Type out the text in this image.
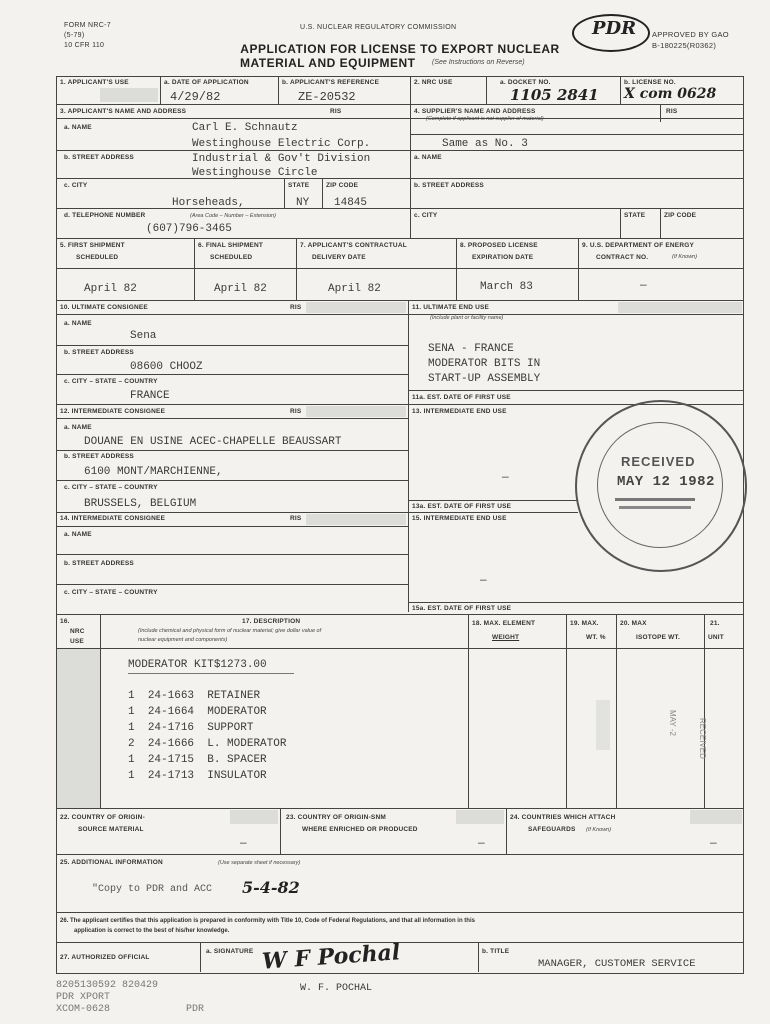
FORM NRC-7
(5-79)
10 CFR 110
U.S. NUCLEAR REGULATORY COMMISSION
APPLICATION FOR LICENSE TO EXPORT NUCLEAR
MATERIAL AND EQUIPMENT	(See Instructions on Reverse)
PDR APPROVED BY GAO
B-180225(R0362)
1. APPLICANT'S USE	a. DATE OF APPLICATION
4/29/82
b. APPLICANT'S REFERENCE
ZE-20532
2. NRC USE	a. DOCKET NO.
1105 2841
b. LICENSE NO.
X com 0628
3. APPLICANT'S NAME AND ADDRESS	RIS	4. SUPPLIER'S NAME AND ADDRESS
(Complete if applicant is not supplier of material)
RIS
a. NAME	Carl E. Schnautz
Westinghouse Electric Corp.
b. STREET ADDRESS	Industrial & Gov't Division
Westinghouse Circle
c. CITY
Horseheads,
STATE
NY
ZIP CODE
14845
d. TELEPHONE NUMBER	(Area Code – Number – Extension)
(607)796-3465
Same as No. 3
a. NAME
b. STREET ADDRESS
c. CITY	STATE	ZIP CODE
5. FIRST SHIPMENT
SCHEDULED
April 82
6. FINAL SHIPMENT
SCHEDULED
April 82
7. APPLICANT'S CONTRACTUAL
DELIVERY DATE
April 82
8. PROPOSED LICENSE
EXPIRATION DATE
March 83
9. U.S. DEPARTMENT OF ENERGY
CONTRACT NO.	(If Known)
—
10. ULTIMATE CONSIGNEE	RIS
a. NAME
Sena
b. STREET ADDRESS
08600 CHOOZ
c. CITY – STATE – COUNTRY
FRANCE
11. ULTIMATE END USE
(Include plant or facility name)
SENA - FRANCE
MODERATOR BITS IN
START-UP ASSEMBLY
11a. EST. DATE OF FIRST USE
12. INTERMEDIATE CONSIGNEE	RIS	13. INTERMEDIATE END USE
a. NAME
DOUANE EN USINE ACEC-CHAPELLE BEAUSSART
b. STREET ADDRESS
6100 MONT/MARCHIENNE,
c. CITY – STATE – COUNTRY
BRUSSELS, BELGIUM
—
13a. EST. DATE OF FIRST USE
14. INTERMEDIATE CONSIGNEE	RIS	15. INTERMEDIATE END USE
a. NAME
b. STREET ADDRESS
c. CITY – STATE – COUNTRY
—
15a. EST. DATE OF FIRST USE
RECEIVED
MAY 12 1982
16.
NRC
USE
17. DESCRIPTION
(Include chemical and physical form of nuclear material; give dollar value of
nuclear equipment and components)
18. MAX. ELEMENT
WEIGHT
19. MAX.
WT. %
20. MAX
ISOTOPE WT.
21.
UNIT
MODERATOR KIT$1273.00
1 24-1663 RETAINER
1 24-1664 MODERATOR
1 24-1716 SUPPORT
2 24-1666 L. MODERATOR
1 24-1715 B. SPACER
1 24-1713 INSULATOR
MAY -2	RECEIVED
22. COUNTRY OF ORIGIN-
SOURCE MATERIAL
—
23. COUNTRY OF ORIGIN-SNM
WHERE ENRICHED OR PRODUCED
—
24. COUNTRIES WHICH ATTACH
SAFEGUARDS (If Known)
—
25. ADDITIONAL INFORMATION	(Use separate sheet if necessary)
"Copy to PDR and ACC 5-4-82
26. The applicant certifies that this application is prepared in conformity with Title 10, Code of Federal Regulations, and that all information in this
application is correct to the best of his/her knowledge.
27. AUTHORIZED OFFICIAL
a. SIGNATURE W F Pochal	b. TITLE
MANAGER, CUSTOMER SERVICE
W. F. POCHAL
8205130592 820429
PDR XPORT
XCOM-0628	PDR
